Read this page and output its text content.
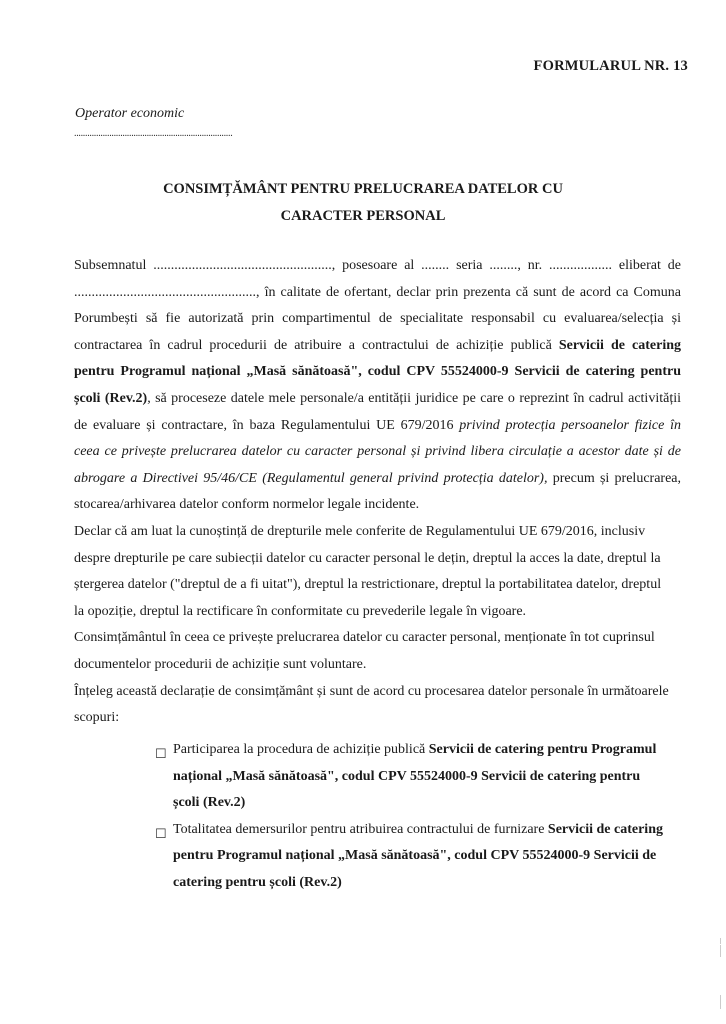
FORMULARUL NR. 13
Operator economic
........................................................................
CONSIMȚĂMÂNT PENTRU PRELUCRAREA DATELOR CU
CARACTER PERSONAL
Subsemnatul ..................................................., posesoare al ........ seria ........, nr. .................. eliberat de
...................................................., în calitate de ofertant, declar prin prezenta că sunt de acord ca Comuna
Porumbești să fie autorizată prin compartimentul de specialitate responsabil cu evaluarea/selecția și
contractarea în cadrul procedurii de atribuire a contractului de achiziție publică Servicii de catering
pentru Programul național „Masă sănătoasă", codul CPV 55524000-9 Servicii de catering pentru
școli (Rev.2), să proceseze datele mele personale/a entității juridice pe care o reprezint în cadrul activității
de evaluare și contractare, în baza Regulamentului UE 679/2016 privind protecția persoanelor fizice în
ceea ce privește prelucrarea datelor cu caracter personal și privind libera circulație a acestor date și de
abrogare a Directivei 95/46/CE (Regulamentul general privind protecția datelor), precum și prelucrarea,
stocarea/arhivarea datelor conform normelor legale incidente.
Declar că am luat la cunoștință de drepturile mele conferite de Regulamentului UE 679/2016, inclusiv
despre drepturile pe care subiecții datelor cu caracter personal le dețin, dreptul la acces la date, dreptul la
ștergerea datelor ("dreptul de a fi uitat"), dreptul la restrictionare, dreptul la portabilitatea datelor, dreptul
la opoziție, dreptul la rectificare în conformitate cu prevederile legale în vigoare.
Consimțământul în ceea ce privește prelucrarea datelor cu caracter personal, menționate în tot cuprinsul
documentelor procedurii de achiziție sunt voluntare.
Înțeleg această declarație de consimțământ și sunt de acord cu procesarea datelor personale în următoarele
scopuri:
☐ Participarea la procedura de achiziție publică Servicii de catering pentru Programul
național „Masă sănătoasă", codul CPV 55524000-9 Servicii de catering pentru
școli (Rev.2)
☐ Totalitatea demersurilor pentru atribuirea contractului de furnizare Servicii de catering
pentru Programul național „Masă sănătoasă", codul CPV 55524000-9 Servicii de
catering pentru școli (Rev.2)
